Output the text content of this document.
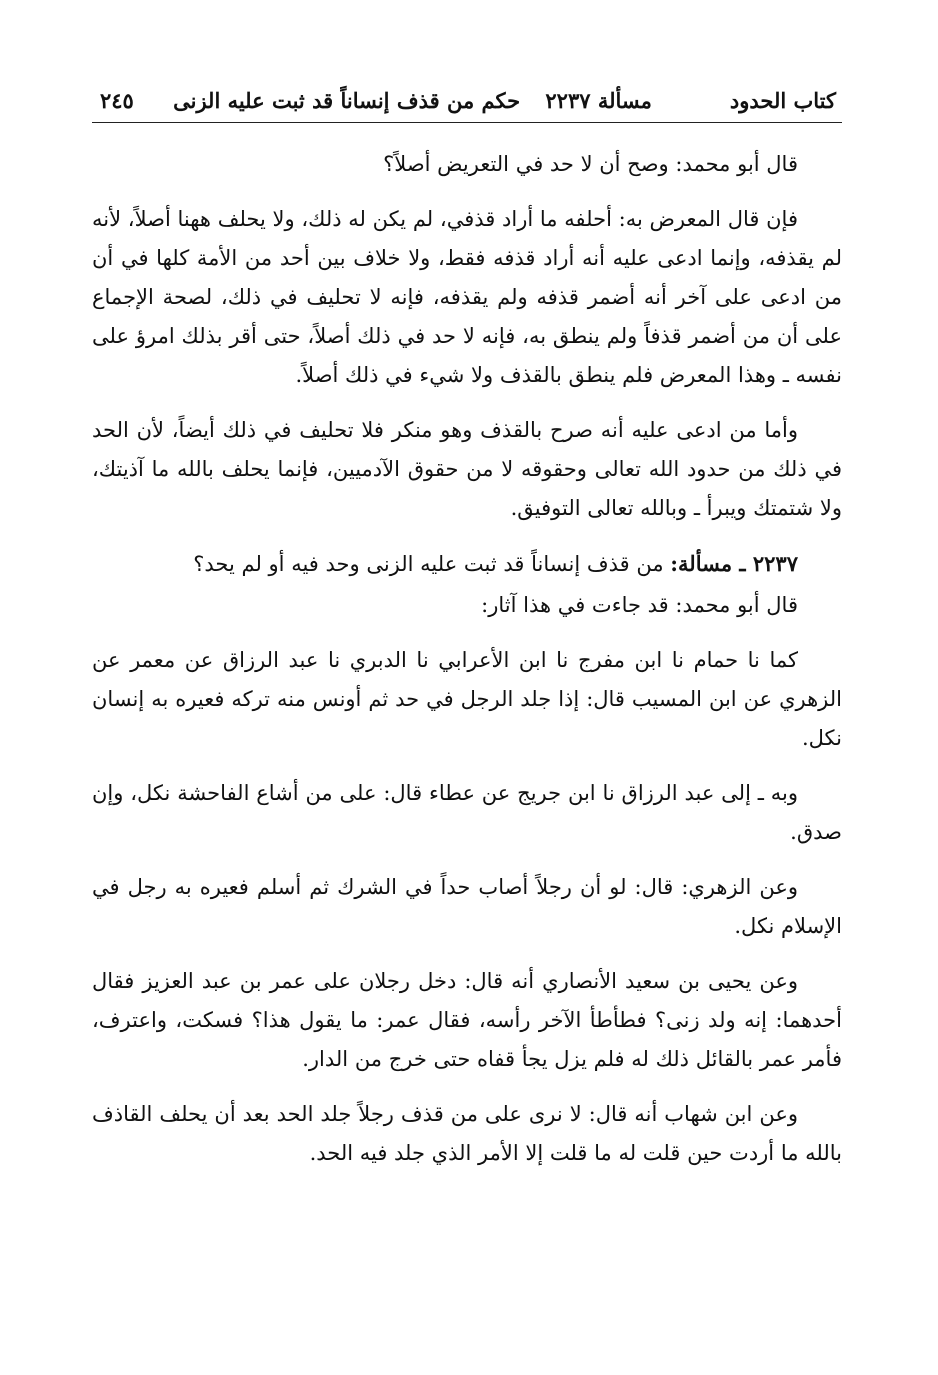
كتاب الحدود
مسألة ٢٢٣٧ حكم من قذف إنساناً قد ثبت عليه الزنى
٢٤٥

قال أبو محمد: وصح أن لا حد في التعريض أصلاً؟

فإن قال المعرض به: أحلفه ما أراد قذفي، لم يكن له ذلك، ولا يحلف ههنا أصلاً، لأنه لم يقذفه، وإنما ادعى عليه أنه أراد قذفه فقط، ولا خلاف بين أحد من الأمة كلها في أن من ادعى على آخر أنه أضمر قذفه ولم يقذفه، فإنه لا تحليف في ذلك، لصحة الإجماع على أن من أضمر قذفاً ولم ينطق به، فإنه لا حد في ذلك أصلاً، حتى أقر بذلك امرؤ على نفسه ـ وهذا المعرض فلم ينطق بالقذف ولا شيء في ذلك أصلاً.

وأما من ادعى عليه أنه صرح بالقذف وهو منكر فلا تحليف في ذلك أيضاً، لأن الحد في ذلك من حدود الله تعالى وحقوقه لا من حقوق الآدميين، فإنما يحلف بالله ما آذيتك، ولا شتمتك ويبرأ ـ وبالله تعالى التوفيق.

٢٢٣٧ ـ مسألة: من قذف إنساناً قد ثبت عليه الزنى وحد فيه أو لم يحد؟

قال أبو محمد: قد جاءت في هذا آثار:

كما نا حمام نا ابن مفرج نا ابن الأعرابي نا الدبري نا عبد الرزاق عن معمر عن الزهري عن ابن المسيب قال: إذا جلد الرجل في حد ثم أونس منه تركه فعيره به إنسان نكل.

وبه ـ إلى عبد الرزاق نا ابن جريج عن عطاء قال: على من أشاع الفاحشة نكل، وإن صدق.

وعن الزهري: قال: لو أن رجلاً أصاب حداً في الشرك ثم أسلم فعيره به رجل في الإسلام نكل.

وعن يحيى بن سعيد الأنصاري أنه قال: دخل رجلان على عمر بن عبد العزيز فقال أحدهما: إنه ولد زنى؟ فطأطأ الآخر رأسه، فقال عمر: ما يقول هذا؟ فسكت، واعترف، فأمر عمر بالقائل ذلك له فلم يزل يجأ قفاه حتى خرج من الدار.

وعن ابن شهاب أنه قال: لا نرى على من قذف رجلاً جلد الحد بعد أن يحلف القاذف بالله ما أردت حين قلت له ما قلت إلا الأمر الذي جلد فيه الحد.
